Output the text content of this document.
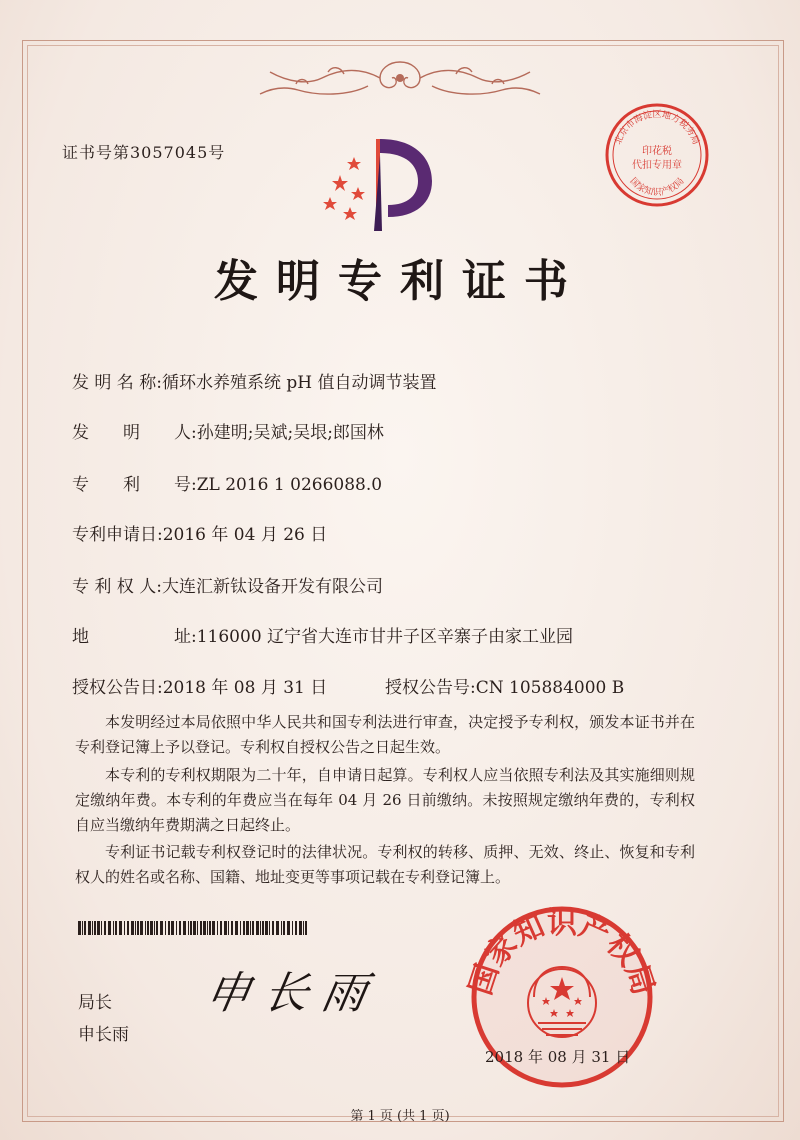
证书号第3057045号
北京市海淀区地方税务局
印花税
代扣专用章
国家知识产权局
发明专利证书
发 明 名 称:循环水养殖系统 pH 值自动调节装置
发　　明　　人:孙建明;吴斌;吴垠;郎国林
专　　利　　号:ZL 2016 1 0266088.0
专利申请日:2016 年 04 月 26 日
专 利 权 人:大连汇新钛设备开发有限公司
地　　　　　址:116000 辽宁省大连市甘井子区辛寨子由家工业园
授权公告日:2018 年 08 月 31 日	授权公告号:CN 105884000 B
本发明经过本局依照中华人民共和国专利法进行审查，决定授予专利权，颁发本证书并在专利登记簿上予以登记。专利权自授权公告之日起生效。
本专利的专利权期限为二十年，自申请日起算。专利权人应当依照专利法及其实施细则规定缴纳年费。本专利的年费应当在每年 04 月 26 日前缴纳。未按照规定缴纳年费的，专利权自应当缴纳年费期满之日起终止。
专利证书记载专利权登记时的法律状况。专利权的转移、质押、无效、终止、恢复和专利权人的姓名或名称、国籍、地址变更等事项记载在专利登记簿上。
局长
申长雨
申长雨	国家知识产权局
2018 年 08 月 31 日
第 1 页 (共 1 页)
